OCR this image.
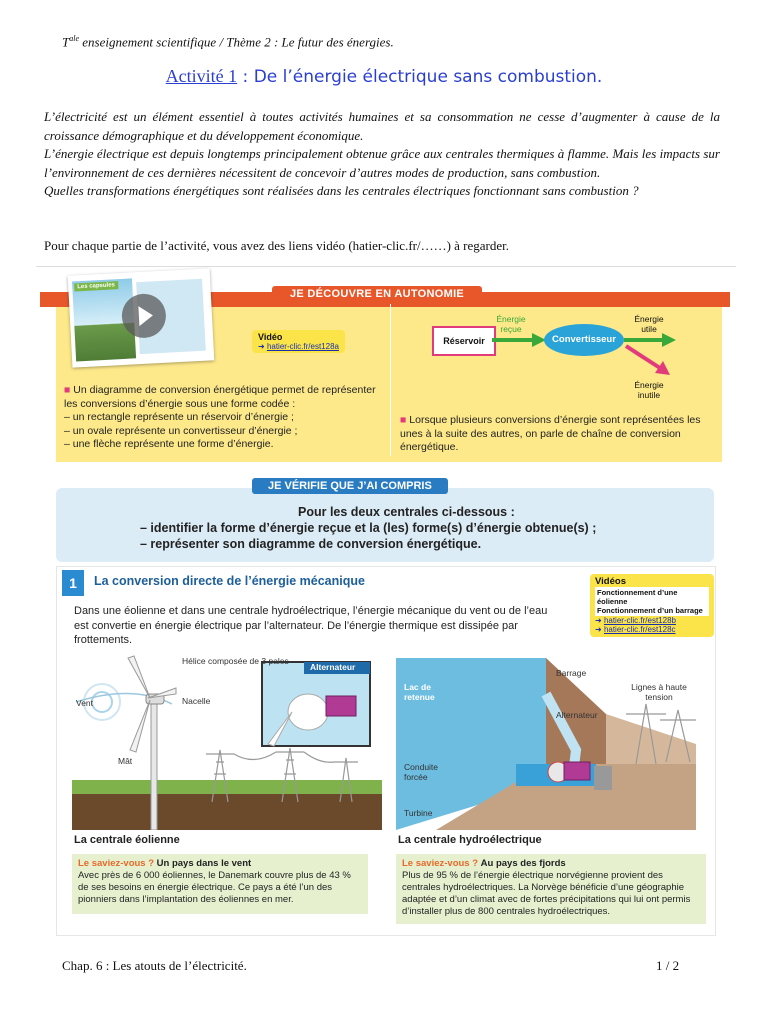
$T^{ale}$ enseignement scientifique / Thème 2 : Le futur des énergies.
Activité 1 : De l’énergie électrique sans combustion.

L’électricité est un élément essentiel à toutes activités humaines et sa consommation ne cesse d’augmenter à cause de la croissance démographique et du développement économique.

L’énergie électrique est depuis longtemps principalement obtenue grâce aux centrales thermiques à flamme. Mais les impacts sur l’environnement de ces dernières nécessitent de concevoir d’autres modes de production, sans combustion.

Quelles transformations énergétiques sont réalisées dans les centrales électriques fonctionnant sans combustion ?

Pour chaque partie de l’activité, vous avez des liens vidéo (hatier-clic.fr/……) à regarder.
JE DÉCOUVRE EN AUTONOMIE
Les capsules
Vidéo
➜ hatier-clic.fr/est128a
■ Un diagramme de conversion énergétique permet de représenter les conversions d’énergie sous une forme codée :
– un rectangle représente un réservoir d’énergie ;
– un ovale représente un convertisseur d’énergie ;
– une flèche représente une forme d’énergie.
Réservoir
Énergie reçue
Convertisseur
Énergie utile
Énergie inutile
■ Lorsque plusieurs conversions d’énergie sont représentées les unes à la suite des autres, on parle de chaîne de conversion énergétique.
JE VÉRIFIE QUE J’AI COMPRIS
Pour les deux centrales ci-dessous :
– identifier la forme d’énergie reçue et la (les) forme(s) d’énergie obtenue(s) ;
– représenter son diagramme de conversion énergétique.
1	La conversion directe de l’énergie mécanique	Vidéos

Fonctionnement d’une éolienne
Fonctionnement d’un barrage
➜ hatier-clic.fr/est128b
➜ hatier-clic.fr/est128c
Dans une éolienne et dans une centrale hydroélectrique, l’énergie mécanique du vent ou de l’eau est convertie en énergie électrique par l’alternateur. De l’énergie thermique est dissipée par frottements.
Hélice composée de 3 pales
Nacelle
Vent
Mât
Alternateur
Barrage
Lac de retenue
Lignes à haute tension
Alternateur
Conduite forcée
Turbine
La centrale éolienne	La centrale hydroélectrique
Le saviez-vous ? Un pays dans le vent
Avec près de 6 000 éoliennes, le Danemark couvre plus de 43 % de ses besoins en énergie électrique. Ce pays a été l’un des pionniers dans l’implantation des éoliennes en mer.
Le saviez-vous ? Au pays des fjords
Plus de 95 % de l’énergie électrique norvégienne provient des centrales hydroélectriques. La Norvège bénéficie d’une géographie adaptée et d’un climat avec de fortes précipitations qui lui ont permis d’installer plus de 800 centrales hydroélectriques.
Chap. 6 : Les atouts de l’électricité.	1 / 2
